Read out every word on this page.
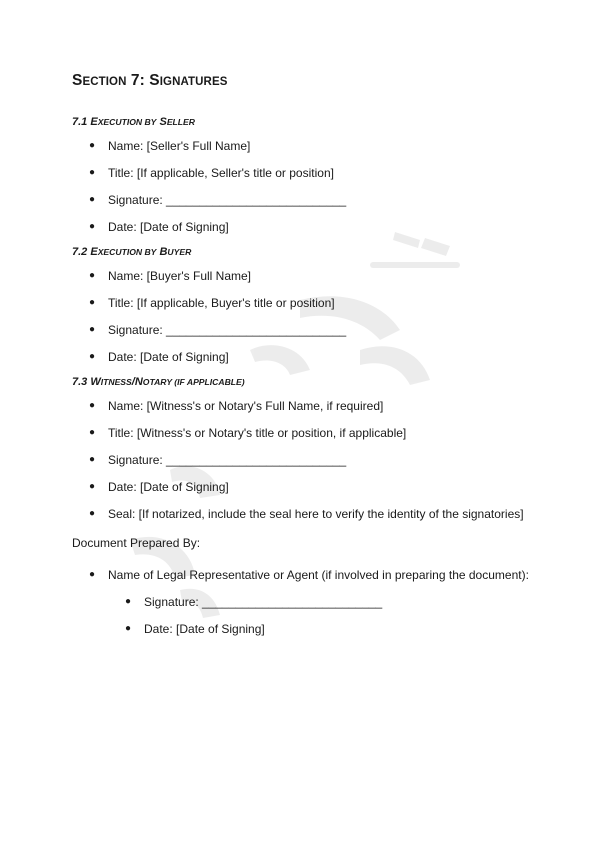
SECTION 7: SIGNATURES
7.1 EXECUTION BY SELLER
● Name: [Seller's Full Name]
● Title: [If applicable, Seller's title or position]
● Signature: ___________________________
● Date: [Date of Signing]
7.2 EXECUTION BY BUYER
● Name: [Buyer's Full Name]
● Title: [If applicable, Buyer's title or position]
● Signature: ___________________________
● Date: [Date of Signing]
7.3 WITNESS/NOTARY (IF APPLICABLE)
● Name: [Witness's or Notary's Full Name, if required]
● Title: [Witness's or Notary's title or position, if applicable]
● Signature: ___________________________
● Date: [Date of Signing]
● Seal: [If notarized, include the seal here to verify the identity of the signatories]

Document Prepared By:

● Name of Legal Representative or Agent (if involved in preparing the document):
● Signature: ___________________________
● Date: [Date of Signing]
